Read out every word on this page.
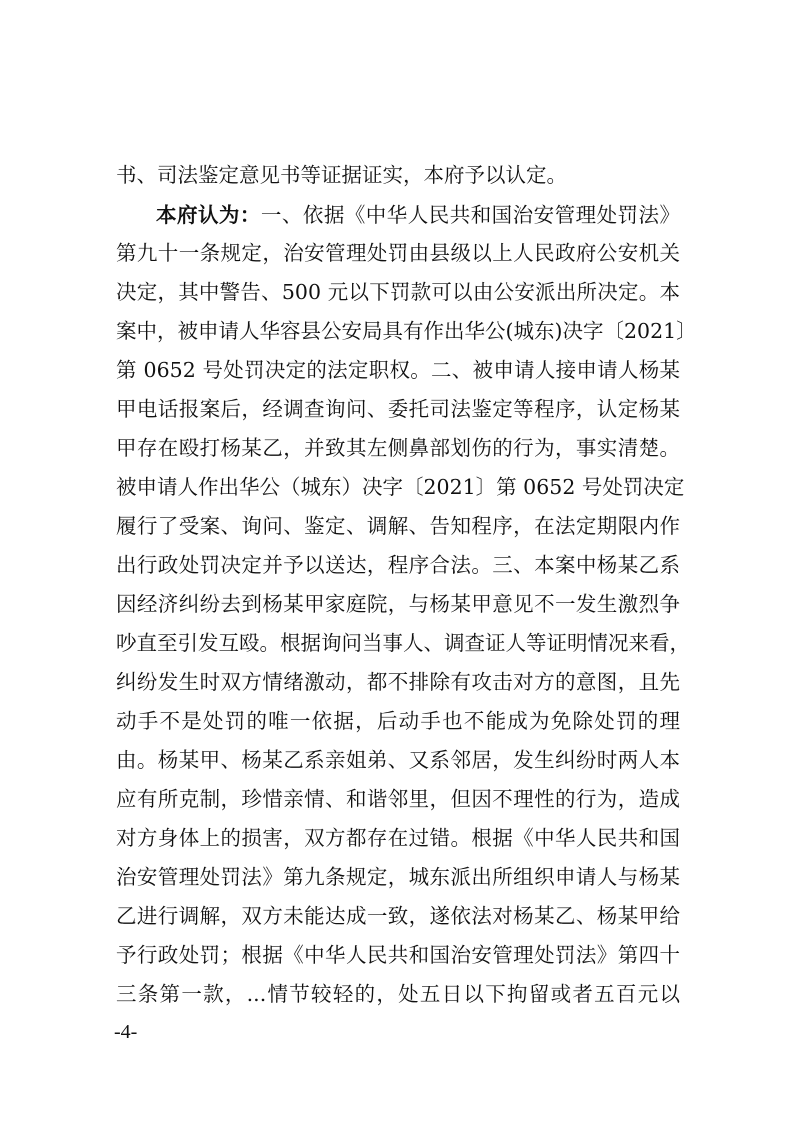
书、司法鉴定意见书等证据证实，本府予以认定。
本府认为：一、依据《中华人民共和国治安管理处罚法》
第九十一条规定，治安管理处罚由县级以上人民政府公安机关
决定，其中警告、500 元以下罚款可以由公安派出所决定。本
案中，被申请人华容县公安局具有作出华公(城东)决字〔2021〕
第 0652 号处罚决定的法定职权。二、被申请人接申请人杨某
甲电话报案后，经调查询问、委托司法鉴定等程序，认定杨某
甲存在殴打杨某乙，并致其左侧鼻部划伤的行为，事实清楚。
被申请人作出华公（城东）决字〔2021〕第 0652 号处罚决定
履行了受案、询问、鉴定、调解、告知程序，在法定期限内作
出行政处罚决定并予以送达，程序合法。三、本案中杨某乙系
因经济纠纷去到杨某甲家庭院，与杨某甲意见不一发生激烈争
吵直至引发互殴。根据询问当事人、调查证人等证明情况来看，
纠纷发生时双方情绪激动，都不排除有攻击对方的意图，且先
动手不是处罚的唯一依据，后动手也不能成为免除处罚的理
由。杨某甲、杨某乙系亲姐弟、又系邻居，发生纠纷时两人本
应有所克制，珍惜亲情、和谐邻里，但因不理性的行为，造成
对方身体上的损害，双方都存在过错。根据《中华人民共和国
治安管理处罚法》第九条规定，城东派出所组织申请人与杨某
乙进行调解，双方未能达成一致，遂依法对杨某乙、杨某甲给
予行政处罚；根据《中华人民共和国治安管理处罚法》第四十
三条第一款，...情节较轻的，处五日以下拘留或者五百元以
-4-
